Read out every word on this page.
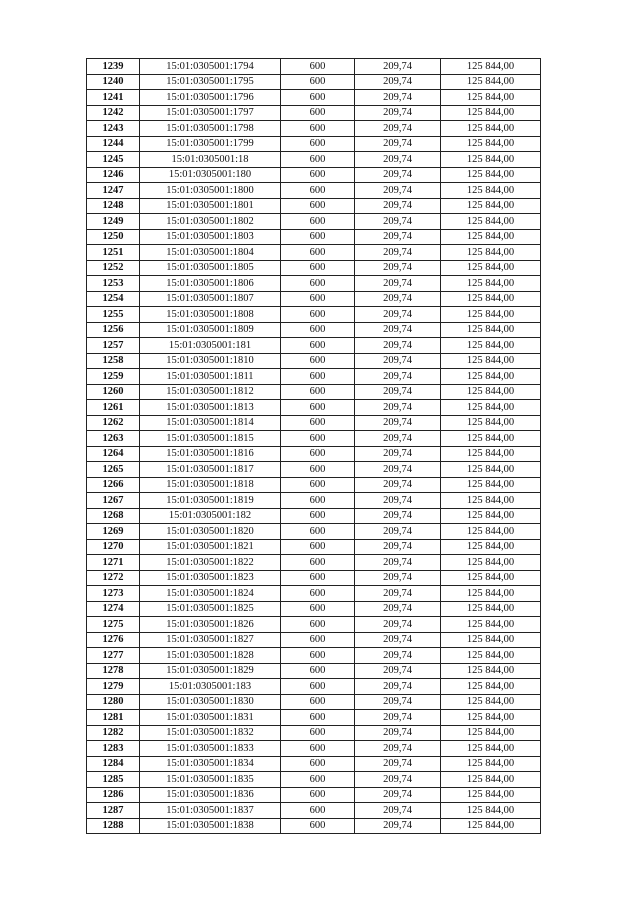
1239	15:01:0305001:1794	600	209,74	125 844,00
1240	15:01:0305001:1795	600	209,74	125 844,00
1241	15:01:0305001:1796	600	209,74	125 844,00
1242	15:01:0305001:1797	600	209,74	125 844,00
1243	15:01:0305001:1798	600	209,74	125 844,00
1244	15:01:0305001:1799	600	209,74	125 844,00
1245	15:01:0305001:18	600	209,74	125 844,00
1246	15:01:0305001:180	600	209,74	125 844,00
1247	15:01:0305001:1800	600	209,74	125 844,00
1248	15:01:0305001:1801	600	209,74	125 844,00
1249	15:01:0305001:1802	600	209,74	125 844,00
1250	15:01:0305001:1803	600	209,74	125 844,00
1251	15:01:0305001:1804	600	209,74	125 844,00
1252	15:01:0305001:1805	600	209,74	125 844,00
1253	15:01:0305001:1806	600	209,74	125 844,00
1254	15:01:0305001:1807	600	209,74	125 844,00
1255	15:01:0305001:1808	600	209,74	125 844,00
1256	15:01:0305001:1809	600	209,74	125 844,00
1257	15:01:0305001:181	600	209,74	125 844,00
1258	15:01:0305001:1810	600	209,74	125 844,00
1259	15:01:0305001:1811	600	209,74	125 844,00
1260	15:01:0305001:1812	600	209,74	125 844,00
1261	15:01:0305001:1813	600	209,74	125 844,00
1262	15:01:0305001:1814	600	209,74	125 844,00
1263	15:01:0305001:1815	600	209,74	125 844,00
1264	15:01:0305001:1816	600	209,74	125 844,00
1265	15:01:0305001:1817	600	209,74	125 844,00
1266	15:01:0305001:1818	600	209,74	125 844,00
1267	15:01:0305001:1819	600	209,74	125 844,00
1268	15:01:0305001:182	600	209,74	125 844,00
1269	15:01:0305001:1820	600	209,74	125 844,00
1270	15:01:0305001:1821	600	209,74	125 844,00
1271	15:01:0305001:1822	600	209,74	125 844,00
1272	15:01:0305001:1823	600	209,74	125 844,00
1273	15:01:0305001:1824	600	209,74	125 844,00
1274	15:01:0305001:1825	600	209,74	125 844,00
1275	15:01:0305001:1826	600	209,74	125 844,00
1276	15:01:0305001:1827	600	209,74	125 844,00
1277	15:01:0305001:1828	600	209,74	125 844,00
1278	15:01:0305001:1829	600	209,74	125 844,00
1279	15:01:0305001:183	600	209,74	125 844,00
1280	15:01:0305001:1830	600	209,74	125 844,00
1281	15:01:0305001:1831	600	209,74	125 844,00
1282	15:01:0305001:1832	600	209,74	125 844,00
1283	15:01:0305001:1833	600	209,74	125 844,00
1284	15:01:0305001:1834	600	209,74	125 844,00
1285	15:01:0305001:1835	600	209,74	125 844,00
1286	15:01:0305001:1836	600	209,74	125 844,00
1287	15:01:0305001:1837	600	209,74	125 844,00
1288	15:01:0305001:1838	600	209,74	125 844,00
